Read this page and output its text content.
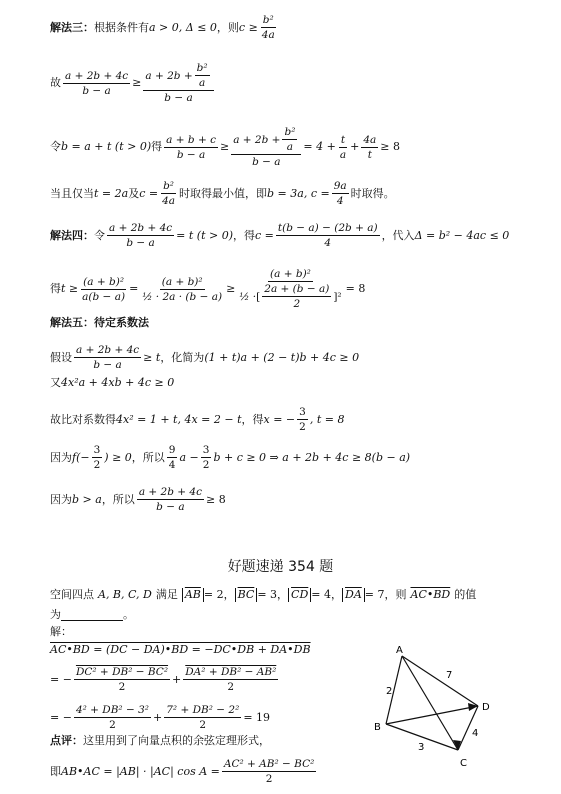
解法三： 根据条件有 a > 0, Δ ≤ 0 ，则 $c \ge \frac{\text{b²}}{4a}$
故 $\frac{a + 2b + 4c}{b - a} \ge \frac{a + 2b + \frac{\text{b²}}{a}}{b - a}$
令 b = a + t (t > 0) 得 $\frac{a + b + c}{b - a} \ge \frac{a + 2b + \frac{\text{b²}}{a}}{b - a} = 4 + \frac{t}{a} + \frac{4a}{t} \ge 8$
当且仅当 t = 2a 及 $c = \frac{\text{b²}}{4a}$ 时取得最小值，即 b = 3a, $c = \frac{9a}{4}$ 时取得。
解法四： 令 $\frac{a + 2b + 4c}{b - a} = t$ (t > 0) ，得 $c = \frac{t(b - a) - (2b + a)}{4}$ ，代入 Δ = b² − 4ac ≤ 0
得 $t \ge \frac{\text{(a + b)²}}{a(b - a)} = \frac{\text{(a + b)²}}{\text{½ · 2a · (b − a)}} \ge \frac{\text{(a + b)²}}{\frac{1}{2} \cdot [ \frac{2a + (b - a)}{2} ]^2} = 8$
解法五：待定系数法
假设 $\frac{a + 2b + 4c}{b - a} \ge t$ ，化简为 (1 + t)a + (2 − t)b + 4c ≥ 0
又 4x²a + 4xb + 4c ≥ 0
故比对系数得 4x² = 1 + t, 4x = 2 − t ，得 x = − $\frac{3}{2}$ , t = 8
因为 $f(- \frac{3}{2}$ ) ≥ 0 ，所以 $\frac{9}{4}$ $a - \frac{3}{2}$ b + c ≥ 0 ⇒ a + 2b + 4c ≥ 8(b − a)
因为 b > a ，所以 $\frac{a + 2b + 4c}{b - a} \ge 8$
好题速递 354 题
空间四点 A, B, C, D 满足 $\overline{AB} = 2$ ， $\overline{BC} = 3$ ， $\overline{CD} = 4$ ， $\overline{DA} = 7$ ，则 AC•BD 的值
为	。
解：
AC•BD = (DC − DA)•BD = −DC•DB + DA•DB
= − $\frac{\text{DC² + DB² − BC²}}{2} + \frac{\text{DA² + DB² − AB²}}{2}$
= − $\frac{\text{4² + DB² − 3²}}{2} + \frac{\text{7² + DB² − 2²}}{2} = 19$
点评： 这里用到了向量点积的余弦定理形式，
即 AB•AC = |AB| · |AC| $\cos A = \frac{\text{AC² + AB² − BC²}}{2}$
A
B
C
D
2
7
3
4
